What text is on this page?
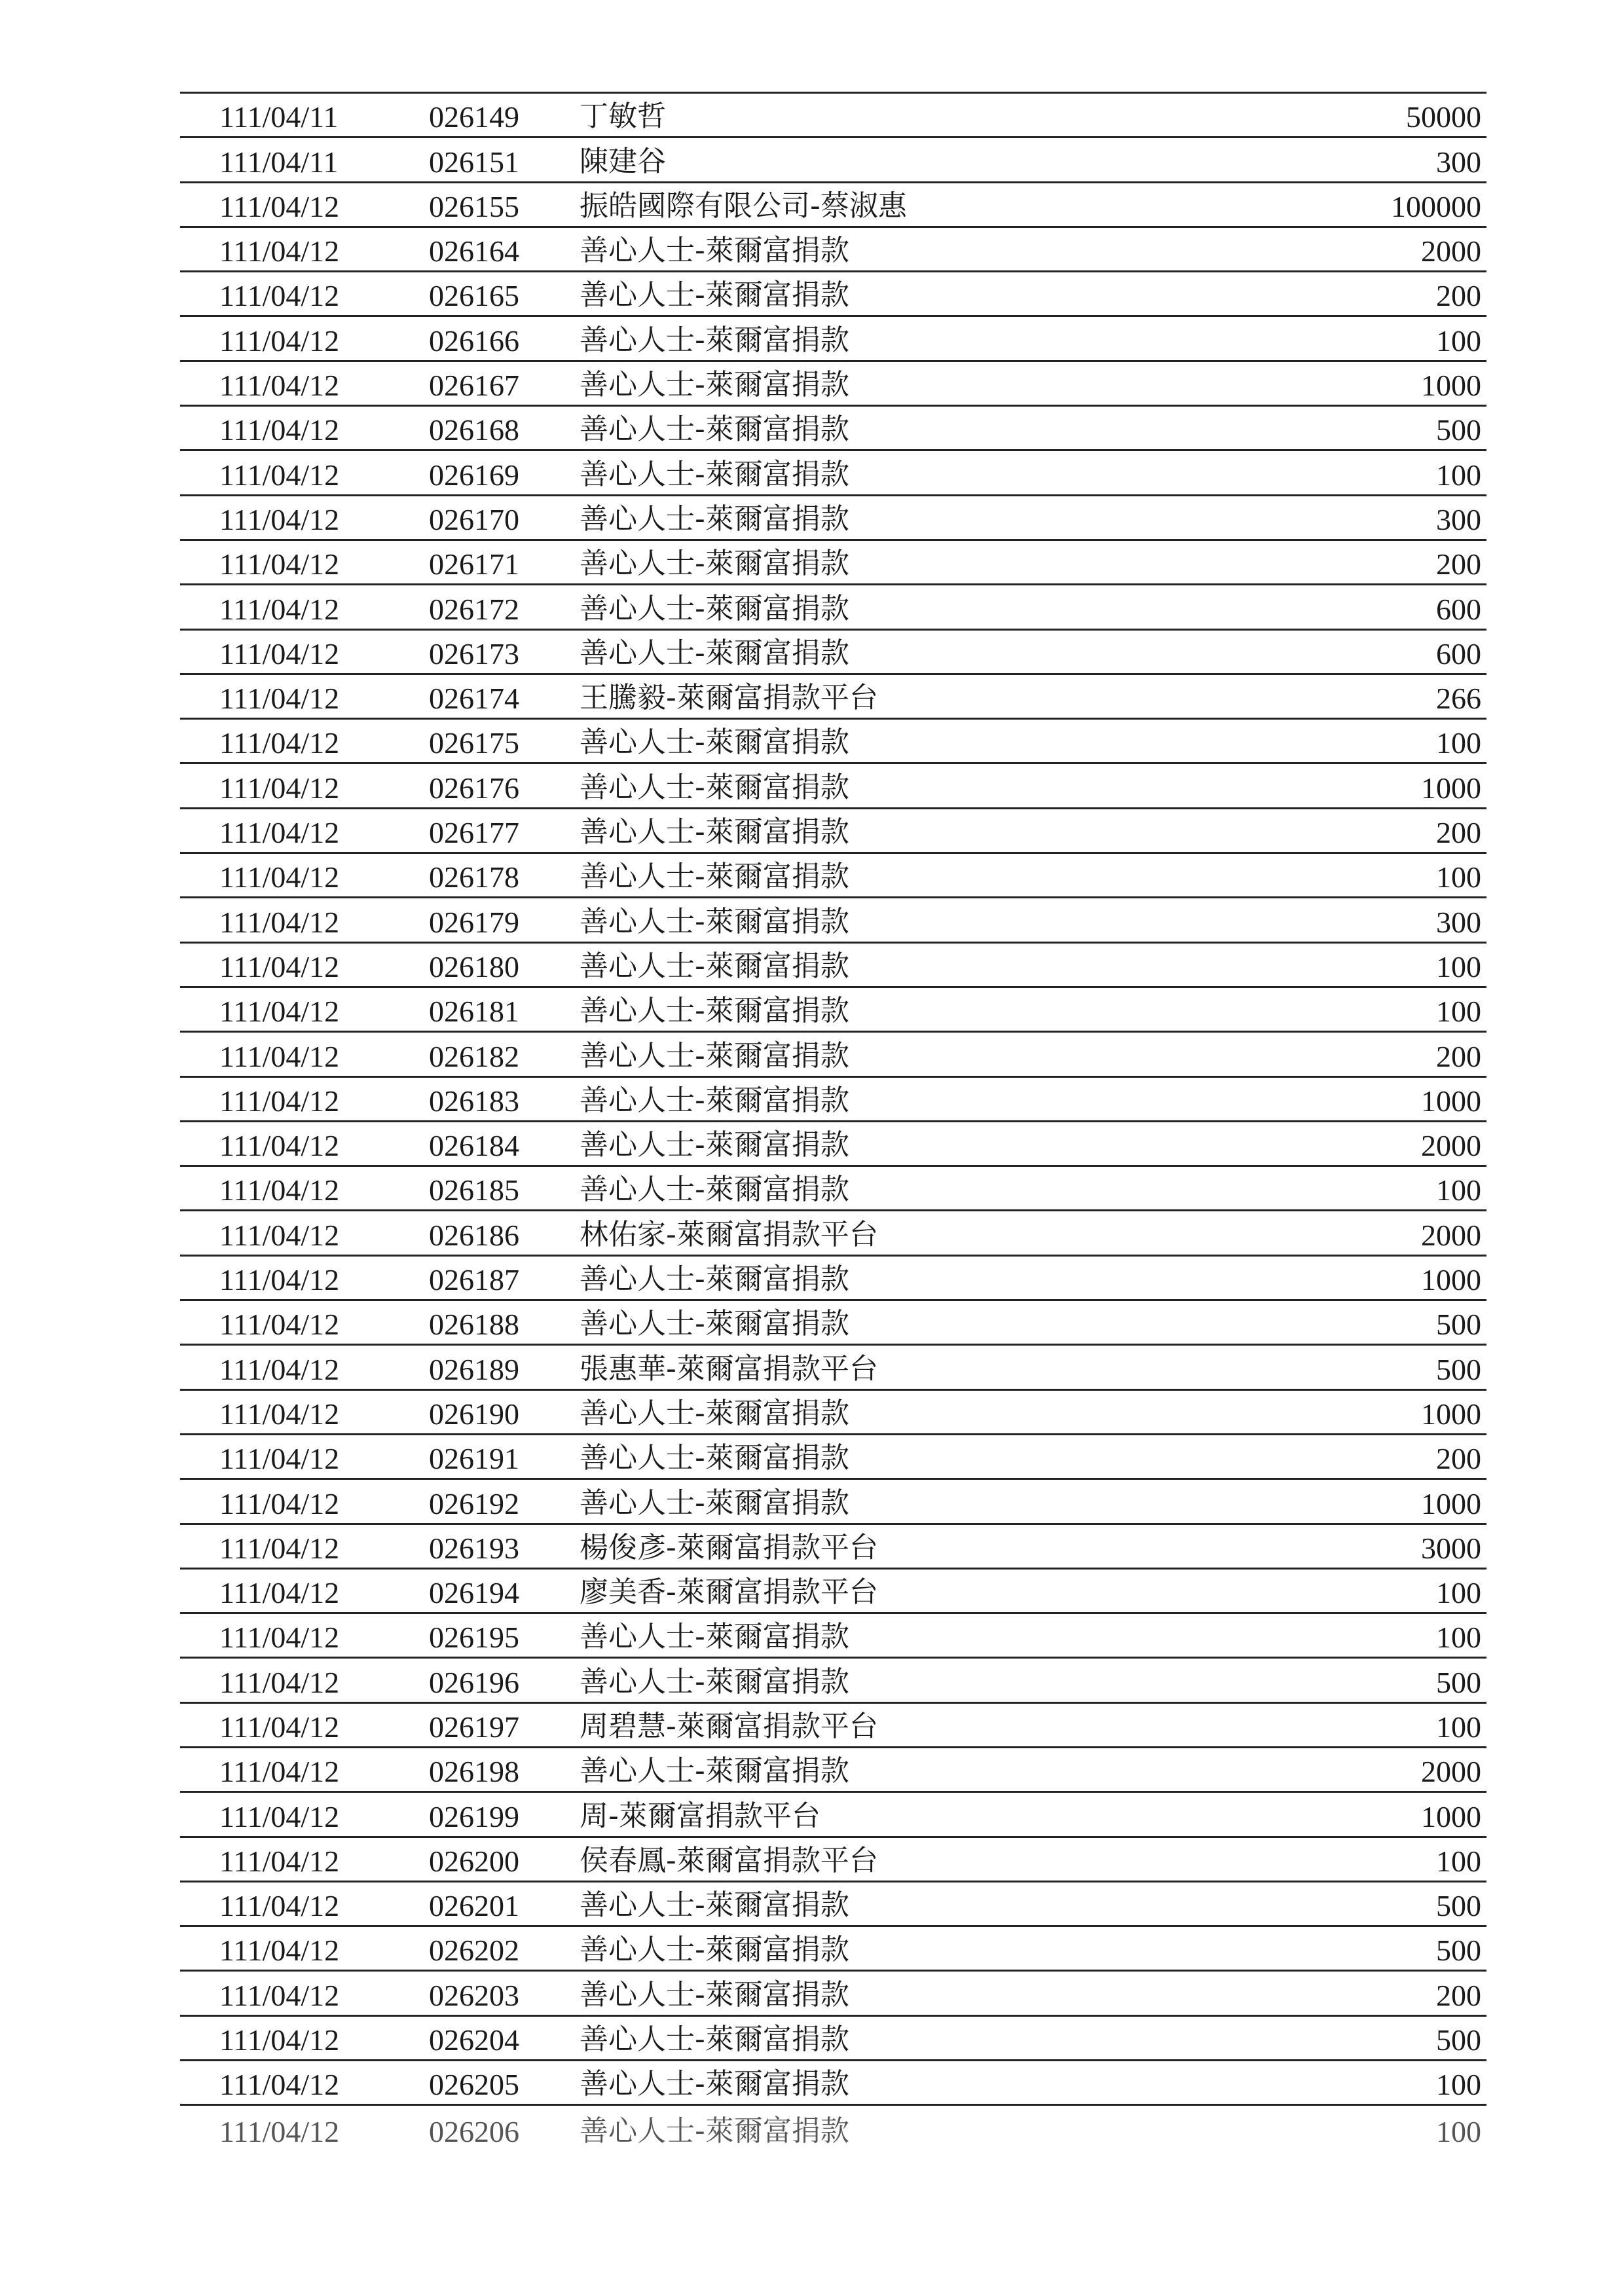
111/04/11	026149 丁敏哲	50000
111/04/11	026151 陳建谷	300
111/04/12	026155 振皓國際有限公司-蔡淑惠	100000
111/04/12	026164 善心人士-萊爾富捐款	2000
111/04/12	026165 善心人士-萊爾富捐款	200
111/04/12	026166 善心人士-萊爾富捐款	100
111/04/12	026167 善心人士-萊爾富捐款	1000
111/04/12	026168 善心人士-萊爾富捐款	500
111/04/12	026169 善心人士-萊爾富捐款	100
111/04/12	026170 善心人士-萊爾富捐款	300
111/04/12	026171 善心人士-萊爾富捐款	200
111/04/12	026172 善心人士-萊爾富捐款	600
111/04/12	026173 善心人士-萊爾富捐款	600
111/04/12	026174 王騰毅-萊爾富捐款平台	266
111/04/12	026175 善心人士-萊爾富捐款	100
111/04/12	026176 善心人士-萊爾富捐款	1000
111/04/12	026177 善心人士-萊爾富捐款	200
111/04/12	026178 善心人士-萊爾富捐款	100
111/04/12	026179 善心人士-萊爾富捐款	300
111/04/12	026180 善心人士-萊爾富捐款	100
111/04/12	026181 善心人士-萊爾富捐款	100
111/04/12	026182 善心人士-萊爾富捐款	200
111/04/12	026183 善心人士-萊爾富捐款	1000
111/04/12	026184 善心人士-萊爾富捐款	2000
111/04/12	026185 善心人士-萊爾富捐款	100
111/04/12	026186 林佑家-萊爾富捐款平台	2000
111/04/12	026187 善心人士-萊爾富捐款	1000
111/04/12	026188 善心人士-萊爾富捐款	500
111/04/12	026189 張惠華-萊爾富捐款平台	500
111/04/12	026190 善心人士-萊爾富捐款	1000
111/04/12	026191 善心人士-萊爾富捐款	200
111/04/12	026192 善心人士-萊爾富捐款	1000
111/04/12	026193 楊俊彥-萊爾富捐款平台	3000
111/04/12	026194 廖美香-萊爾富捐款平台	100
111/04/12	026195 善心人士-萊爾富捐款	100
111/04/12	026196 善心人士-萊爾富捐款	500
111/04/12	026197 周碧慧-萊爾富捐款平台	100
111/04/12	026198 善心人士-萊爾富捐款	2000
111/04/12	026199 周-萊爾富捐款平台	1000
111/04/12	026200 侯春鳳-萊爾富捐款平台	100
111/04/12	026201 善心人士-萊爾富捐款	500
111/04/12	026202 善心人士-萊爾富捐款	500
111/04/12	026203 善心人士-萊爾富捐款	200
111/04/12	026204 善心人士-萊爾富捐款	500
111/04/12	026205 善心人士-萊爾富捐款	100
111/04/12	026206 善心人士-萊爾富捐款	100
